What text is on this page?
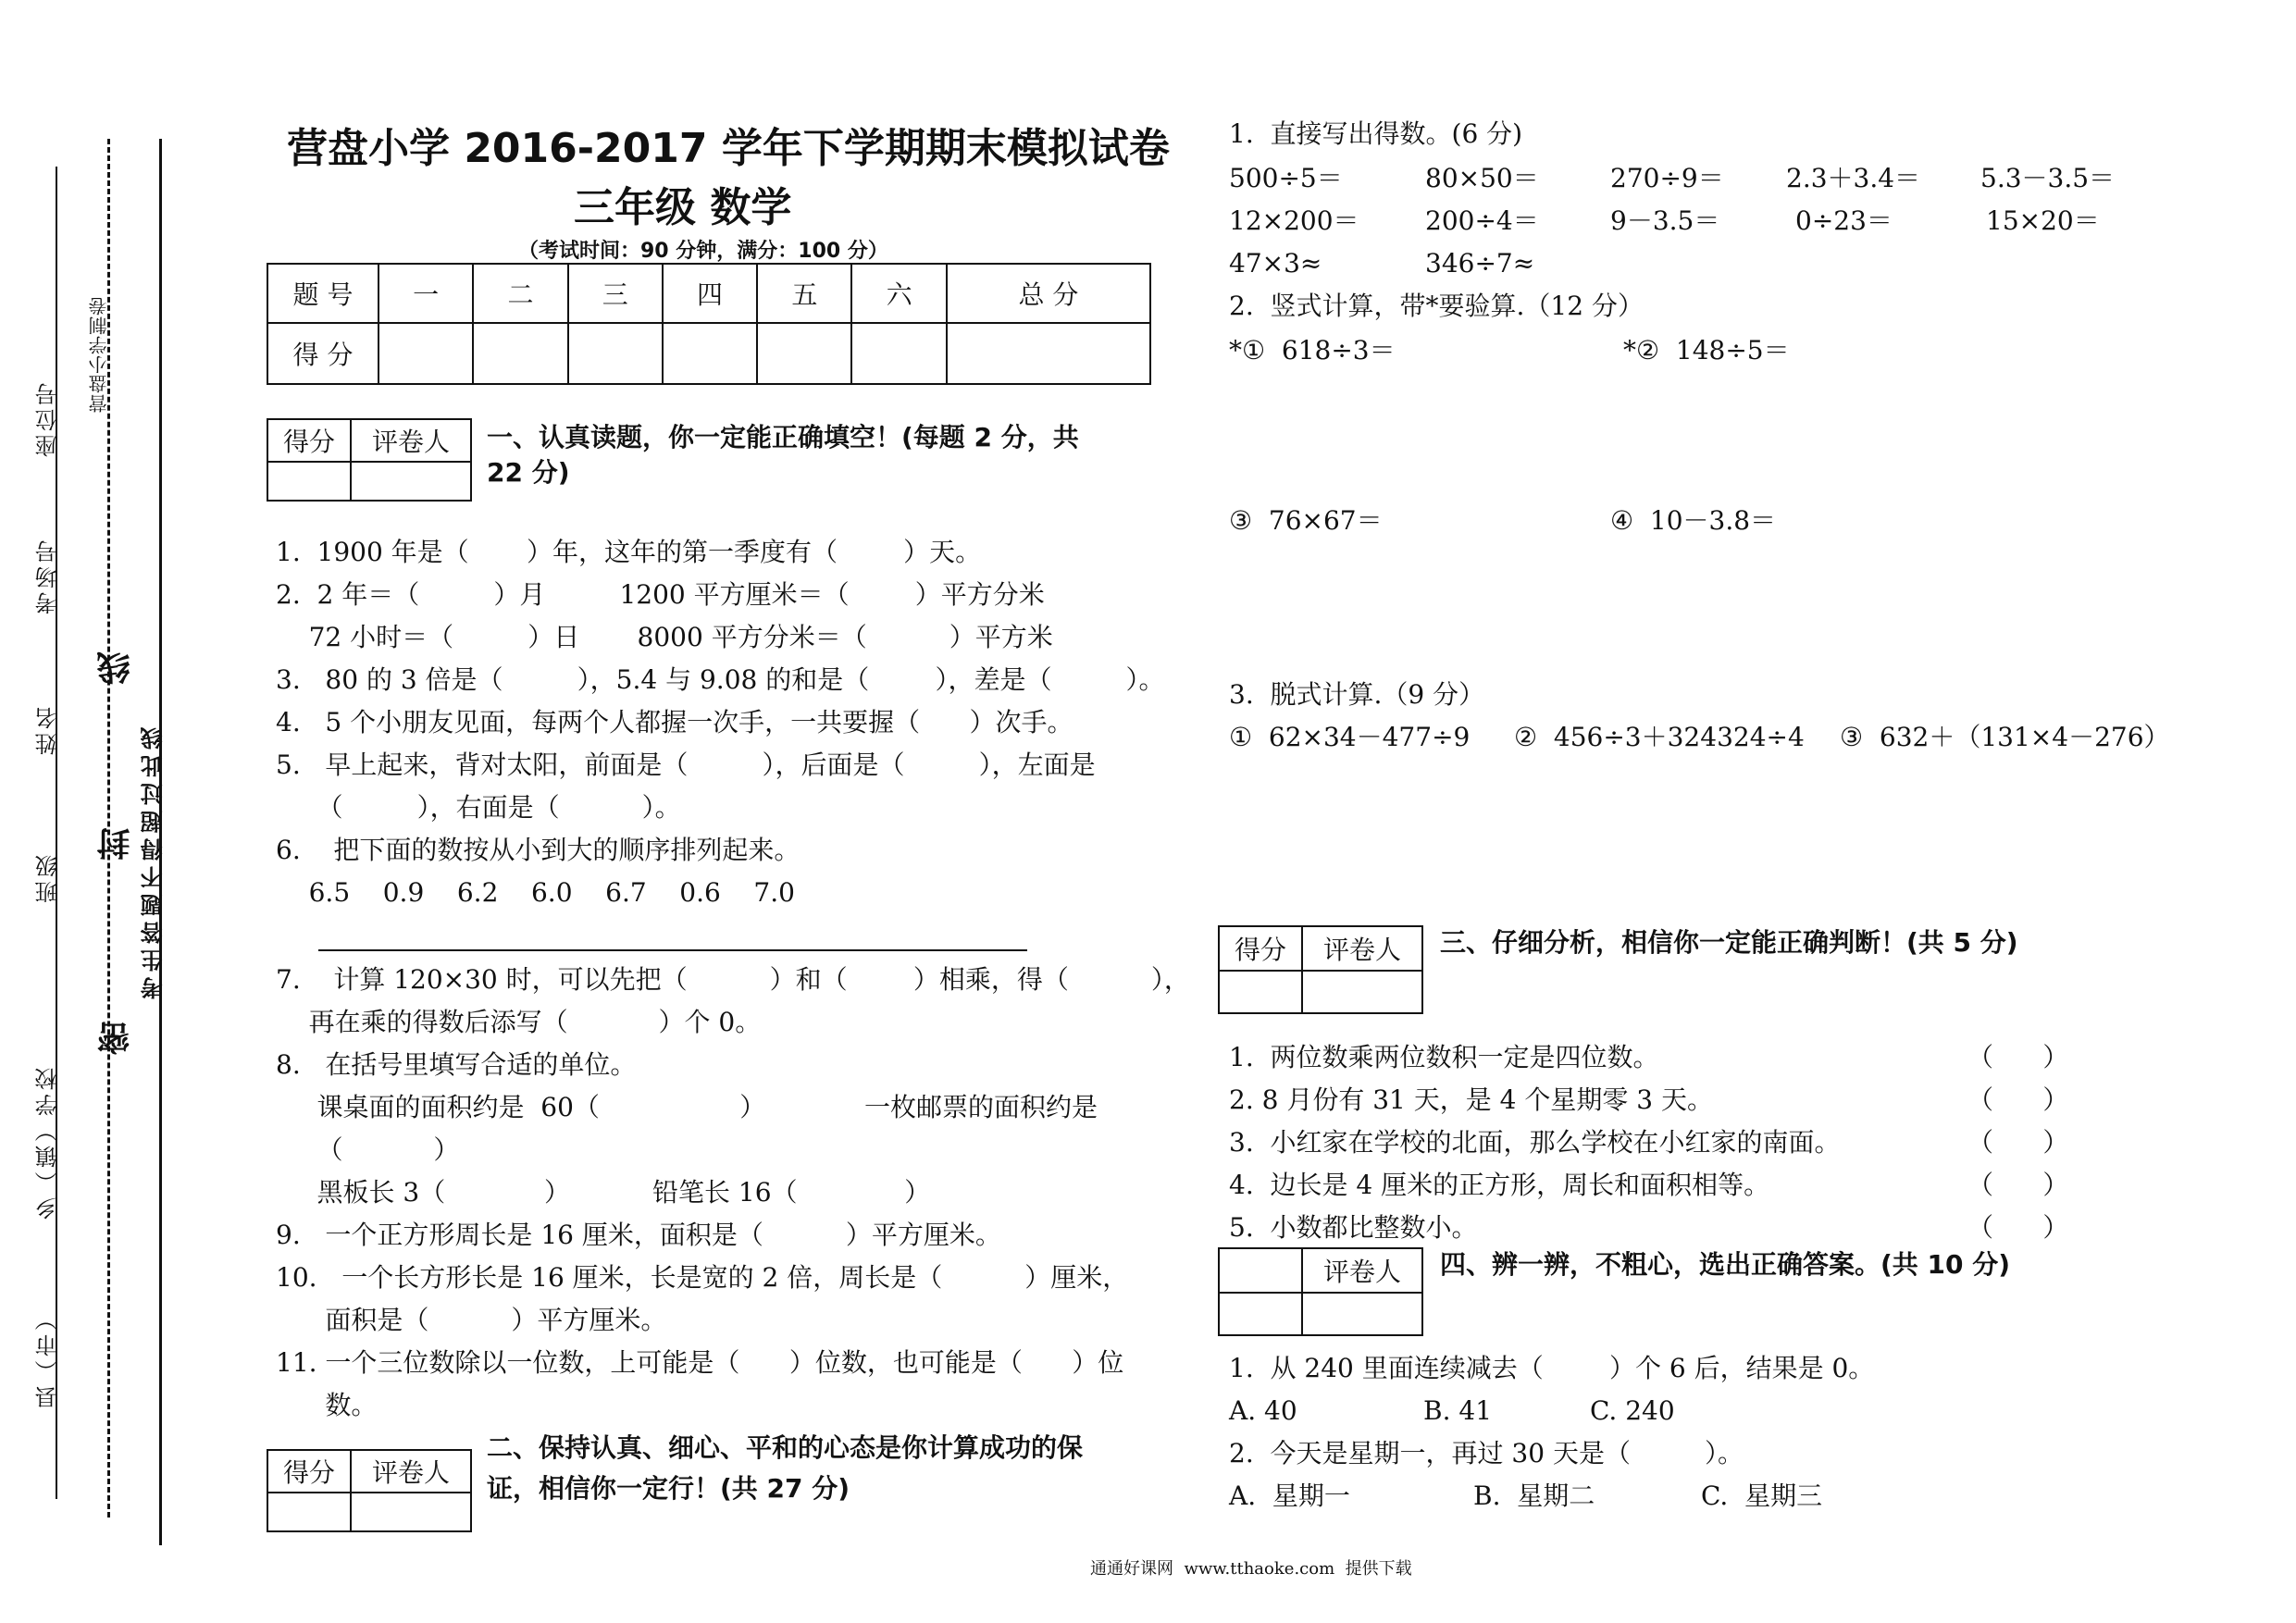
座位号
考场号
姓名
班级
乡（镇）学校
县（市）
营盘小学制卷
线
封
密
考生答题不得超过此线
营盘小学 2016-2017 学年下学期期末模拟试卷
三年级 数学
（考试时间：90 分钟，满分：100 分）
题 号	一	二	三	四	五	六	总 分
得 分							
得分	评卷人
	一、认真读题，你一定能正确填空！(每题 2 分，共
22 分)
1.  1900 年是（       ）年，这年的第一季度有（        ）天。
2.  2 年＝（         ）月         1200 平方厘米＝（        ）平方分米
72 小时＝（         ）日       8000 平方分米＝（          ）平方米
3.   80 的 3 倍是（         ），5.4 与 9.08 的和是（        ），差是（         ）。
4.   5 个小朋友见面，每两个人都握一次手，一共要握（      ）次手。
5.   早上起来，背对太阳，前面是（         ），后面是（         ），左面是
（         ），右面是（          ）。
6.    把下面的数按从小到大的顺序排列起来。
6.5    0.9    6.2    6.0    6.7    0.6    7.0
7.    计算 120×30 时，可以先把（          ）和（        ）相乘，得（          ），
再在乘的得数后添写（           ）个 0。
8.   在括号里填写合适的单位。
课桌面的面积约是  60（                 ）            一枚邮票的面积约是
（           ）
黑板长 3（            ）          铅笔长 16（             ）
9.   一个正方形周长是 16 厘米，面积是（          ）平方厘米。
10.   一个长方形长是 16 厘米，长是宽的 2 倍，周长是（          ）厘米，
面积是（          ）平方厘米。
11. 一个三位数除以一位数，上可能是（      ）位数，也可能是（      ）位
数。
得分	评卷人

二、保持认真、细心、平和的心态是你计算成功的保
证，相信你一定行！(共 27 分)
1.  直接写出得数。(6 分)
500÷5＝	80×50＝	270÷9＝ 2.3＋3.4＝ 5.3－3.5＝
12×200＝	200÷4＝	9－3.5＝	0÷23＝	15×20＝
47×3≈	346÷7≈
2.  竖式计算，带*要验算.（12 分）
*①  618÷3＝	*②  148÷5＝
③  76×67＝	④  10－3.8＝
3.  脱式计算.（9 分）
①  62×34－477÷9 ②  456÷3＋324324÷4 ③  632＋（131×4－276）
得分	评卷人
	三、仔细分析，相信你一定能正确判断！(共 5 分)
1.  两位数乘两位数积一定是四位数。	（      ）
2. 8 月份有 31 天，是 4 个星期零 3 天。	（      ）
3.  小红家在学校的北面，那么学校在小红家的南面。	（      ）
4.  边长是 4 厘米的正方形，周长和面积相等。	（      ）
5.  小数都比整数小。	（      ）
	评卷人
	四、辨一辨，不粗心，选出正确答案。(共 10 分)
1.  从 240 里面连续减去（        ）个 6 后，结果是 0。
A. 40	B. 41	C. 240
2.  今天是星期一，再过 30 天是（         ）。
A.  星期一	B.  星期二	C.  星期三
通通好课网  www.tthaoke.com  提供下载
